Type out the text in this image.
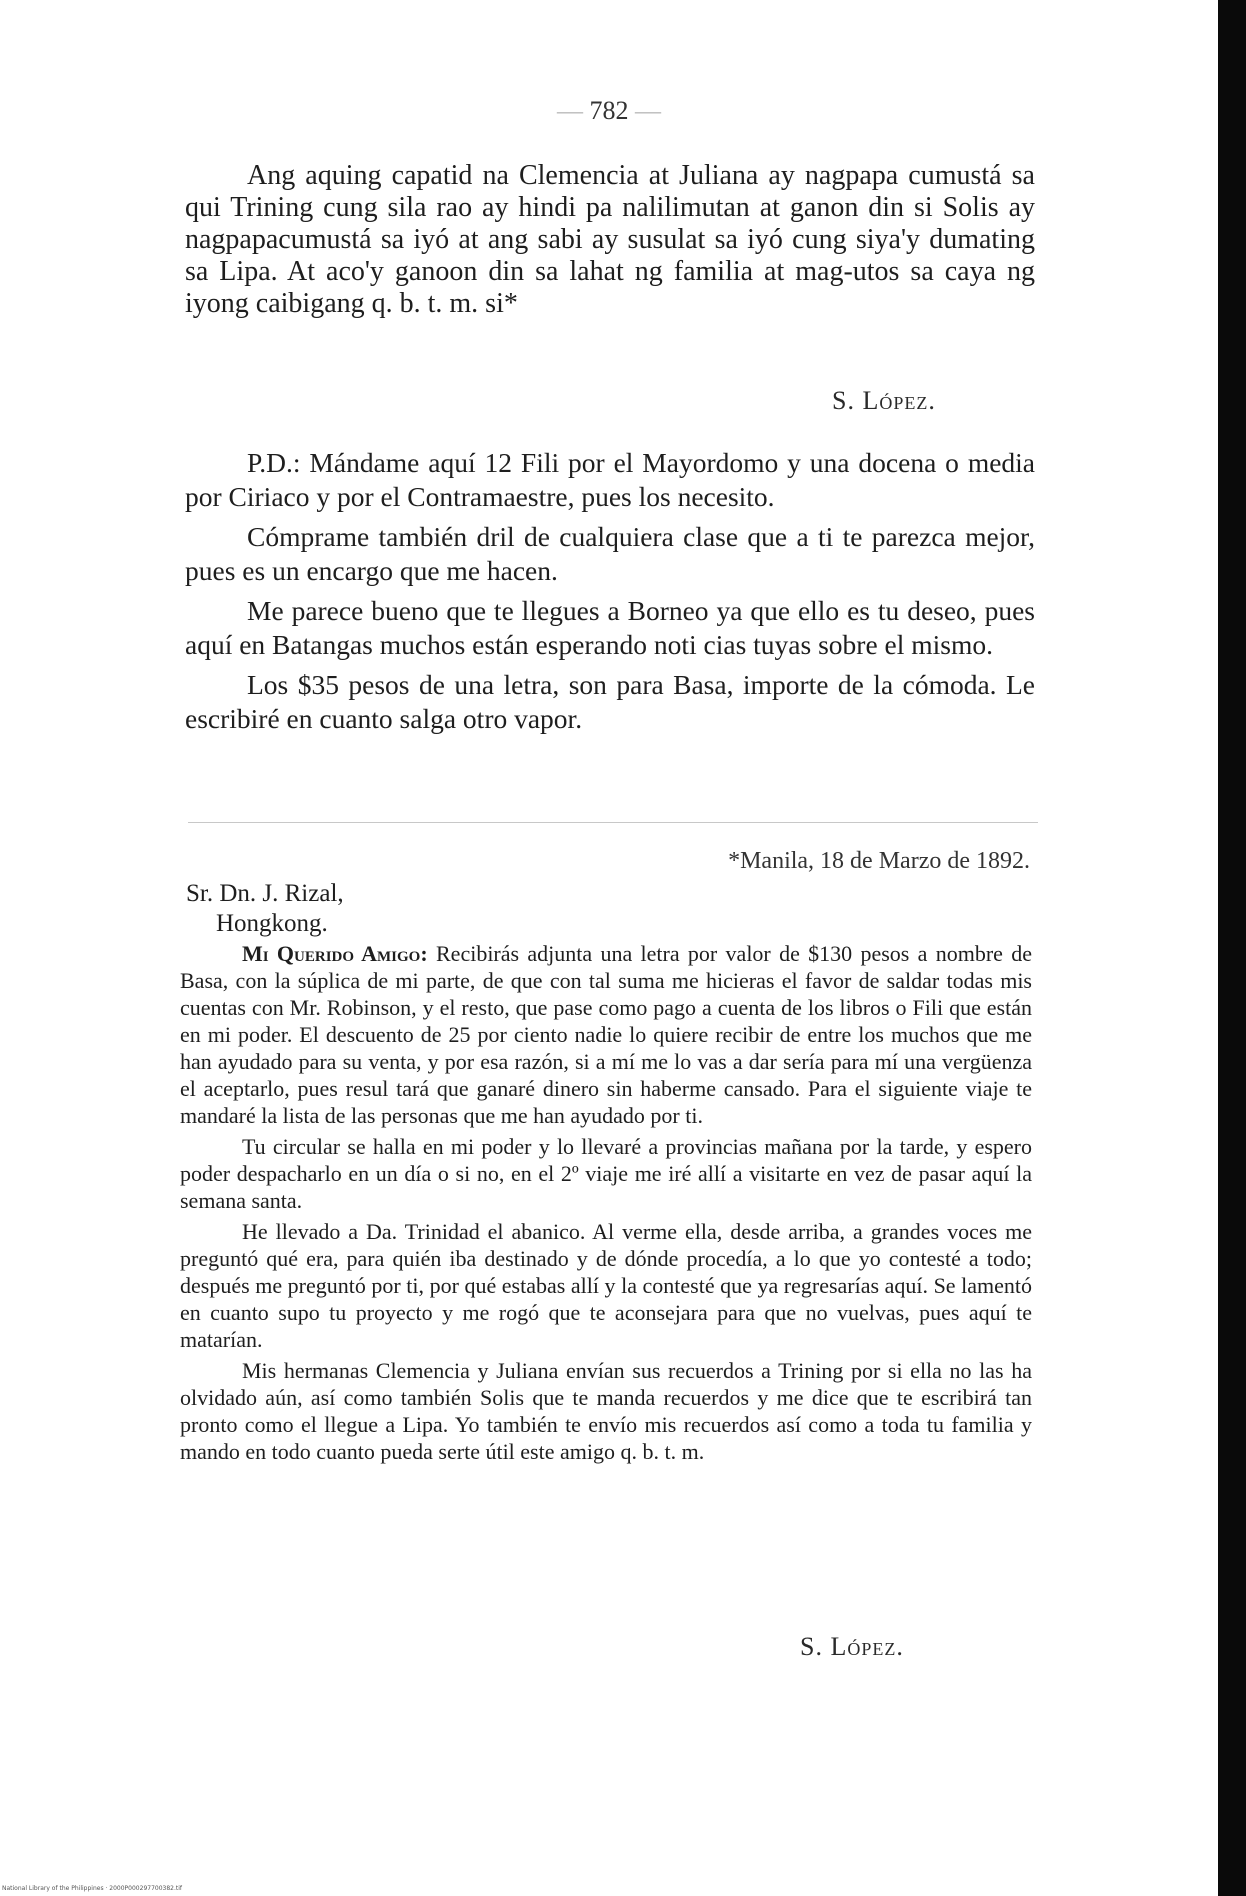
— 782 —

Ang aquing capatid na Clemencia at Juliana ay nagpapa cumustá sa qui Trining cung sila rao ay hindi pa nalilimutan at ganon din si Solis ay nagpapacumustá sa iyó at ang sabi ay susulat sa iyó cung siya'y dumating sa Lipa. At aco'y ganoon din sa lahat ng familia at mag-utos sa caya ng iyong caibigang q. b. t. m. si*

S. López.

P.D.: Mándame aquí 12 Fili por el Mayordomo y una docena o media por Ciriaco y por el Contramaestre, pues los necesito.

Cómprame también dril de cualquiera clase que a ti te parezca mejor, pues es un encargo que me hacen.

Me parece bueno que te llegues a Borneo ya que ello es tu deseo, pues aquí en Batangas muchos están esperando noti cias tuyas sobre el mismo.

Los $35 pesos de una letra, son para Basa, importe de la cómoda. Le escribiré en cuanto salga otro vapor.

*Manila, 18 de Marzo de 1892.
Sr. Dn. J. Rizal,
Hongkong.

Mi Querido Amigo: Recibirás adjunta una letra por valor de $130 pesos a nombre de Basa, con la súplica de mi parte, de que con tal suma me hicieras el favor de saldar todas mis cuentas con Mr. Robinson, y el resto, que pase como pago a cuenta de los libros o Fili que están en mi poder. El descuento de 25 por ciento nadie lo quiere recibir de entre los muchos que me han ayudado para su venta, y por esa razón, si a mí me lo vas a dar sería para mí una vergüenza el aceptarlo, pues resul tará que ganaré dinero sin haberme cansado. Para el siguiente viaje te mandaré la lista de las personas que me han ayudado por ti.

Tu circular se halla en mi poder y lo llevaré a provincias mañana por la tarde, y espero poder despacharlo en un día o si no, en el 2º viaje me iré allí a visitarte en vez de pasar aquí la semana santa.

He llevado a Da. Trinidad el abanico. Al verme ella, desde arriba, a grandes voces me preguntó qué era, para quién iba destinado y de dónde procedía, a lo que yo contesté a todo; después me preguntó por ti, por qué estabas allí y la contesté que ya regresarías aquí. Se lamentó en cuanto supo tu proyecto y me rogó que te aconsejara para que no vuelvas, pues aquí te matarían.

Mis hermanas Clemencia y Juliana envían sus recuerdos a Trining por si ella no las ha olvidado aún, así como también Solis que te manda recuerdos y me dice que te escribirá tan pronto como el llegue a Lipa. Yo también te envío mis recuerdos así como a toda tu familia y mando en todo cuanto pueda serte útil este amigo q. b. t. m.

S. López.
National Library of the Philippines · 2000P000297700382.tif
